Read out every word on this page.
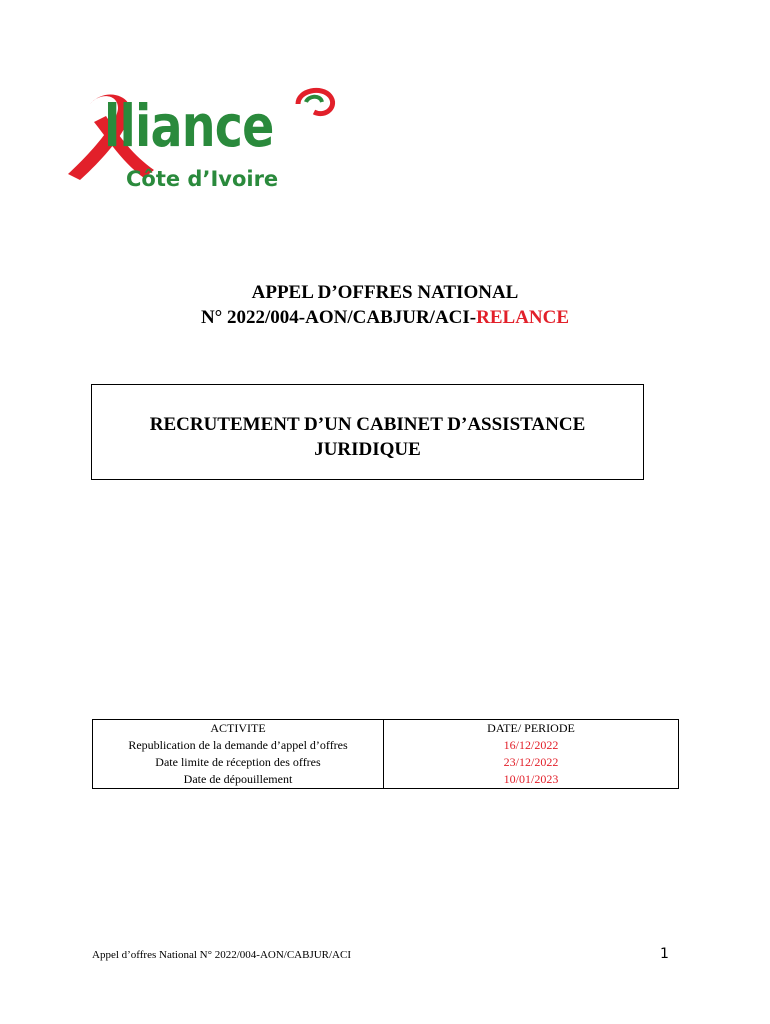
lliance
Côte d’Ivoire
APPEL D’OFFRES NATIONAL
N° 2022/004-AON/CABJUR/ACI-RELANCE
RECRUTEMENT D’UN CABINET D’ASSISTANCE
JURIDIQUE
ACTIVITE	DATE/ PERIODE
Republication de la demande d’appel d’offres	16/12/2022
Date limite de réception des offres	23/12/2022
Date de dépouillement	10/01/2023
Appel d’offres National N° 2022/004-AON/CABJUR/ACI	1
